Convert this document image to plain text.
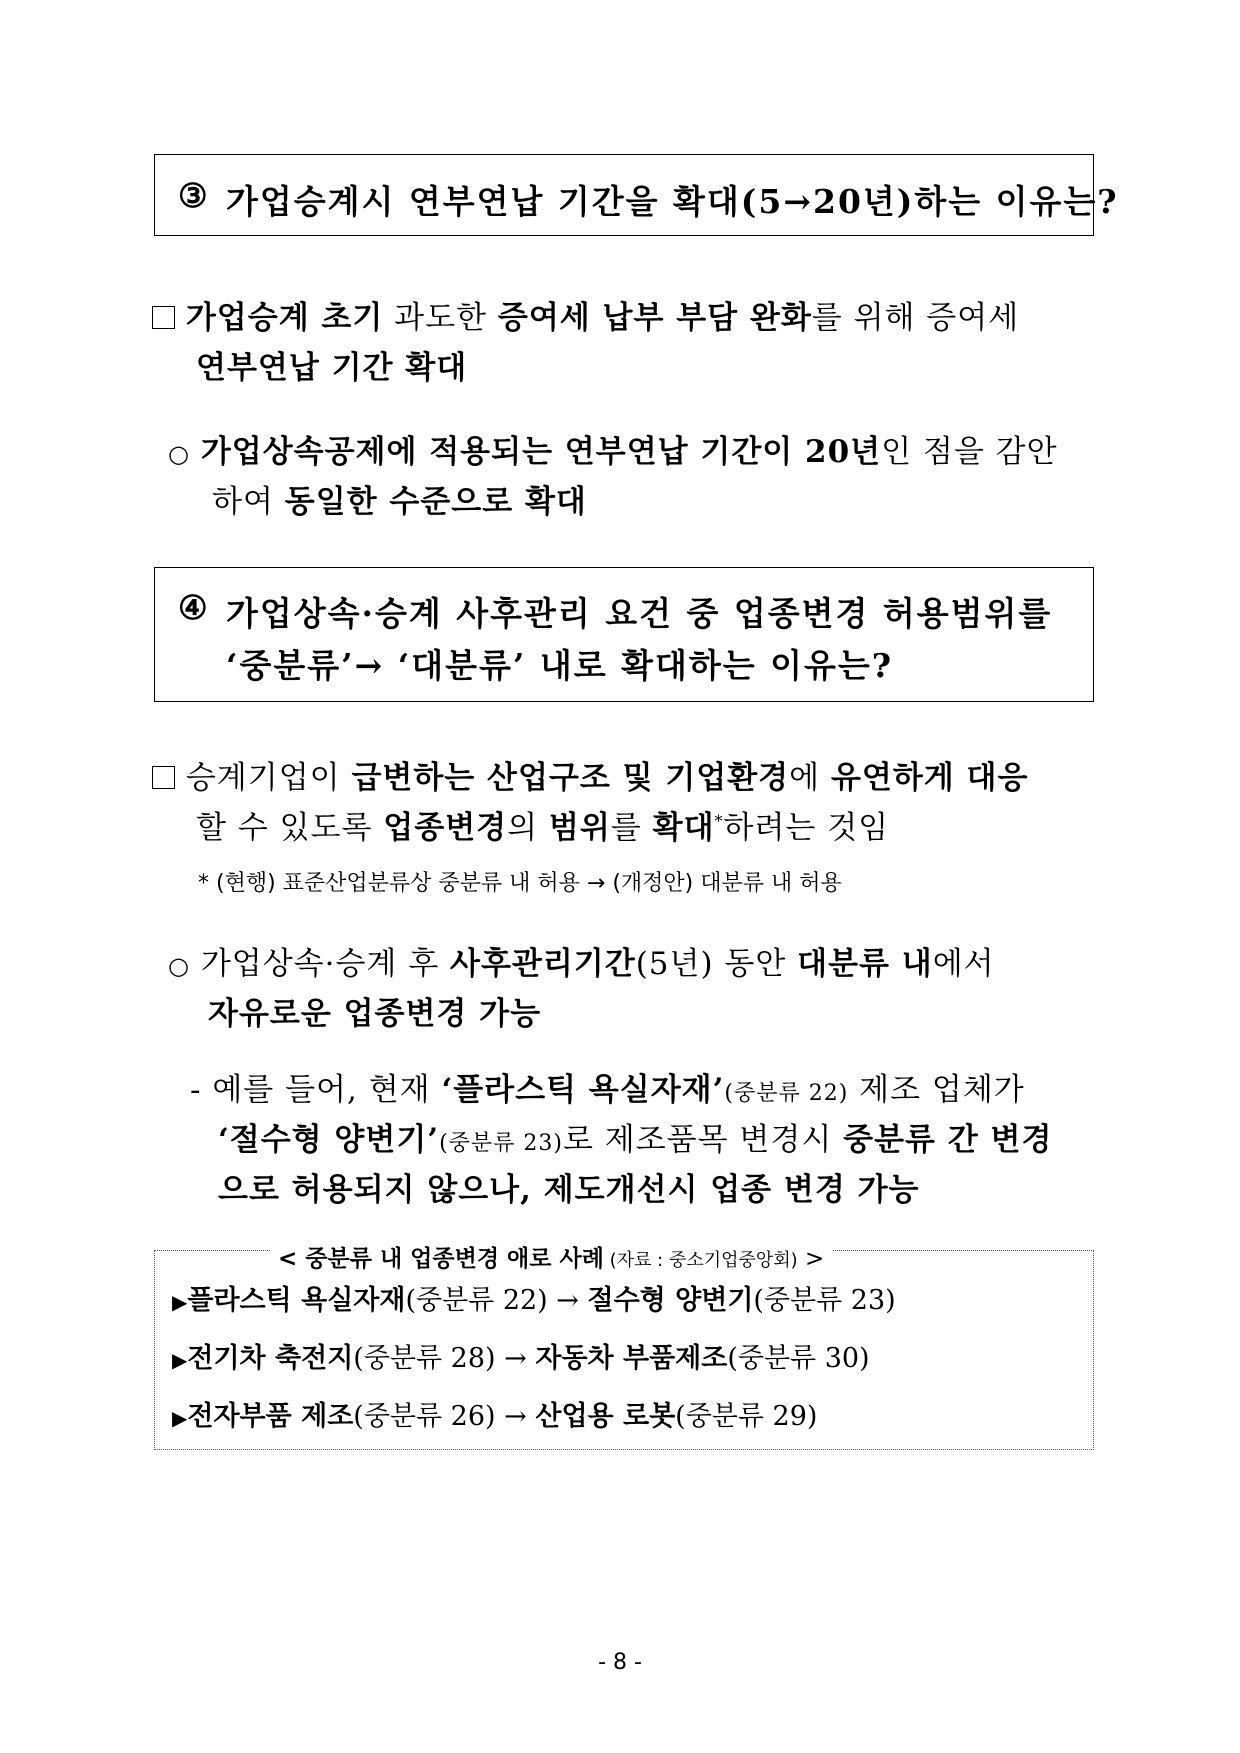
③ 가업승계시 연부연납 기간을 확대(5→20년)하는 이유는?
가업승계 초기 과도한 증여세 납부 부담 완화를 위해 증여세
연부연납 기간 확대
○ 가업상속공제에 적용되는 연부연납 기간이 20년인 점을 감안
하여 동일한 수준으로 확대
④ 가업상속·승계 사후관리 요건 중 업종변경 허용범위를
‘중분류’→ ‘대분류’ 내로 확대하는 이유는?
승계기업이 급변하는 산업구조 및 기업환경에 유연하게 대응
할 수 있도록 업종변경의 범위를 확대*하려는 것임
* (현행) 표준산업분류상 중분류 내 허용 → (개정안) 대분류 내 허용
○ 가업상속·승계 후 사후관리기간(5년) 동안 대분류 내에서
자유로운 업종변경 가능
- 예를 들어, 현재 ‘플라스틱 욕실자재’(중분류 22) 제조 업체가
‘절수형 양변기’(중분류 23)로 제조품목 변경시 중분류 간 변경
으로 허용되지 않으나, 제도개선시 업종 변경 가능
< 중분류 내 업종변경 애로 사례 (자료 : 중소기업중앙회) >
▶플라스틱 욕실자재(중분류 22) → 절수형 양변기(중분류 23)
▶전기차 축전지(중분류 28) → 자동차 부품제조(중분류 30)
▶전자부품 제조(중분류 26) → 산업용 로봇(중분류 29)
- 8 -
